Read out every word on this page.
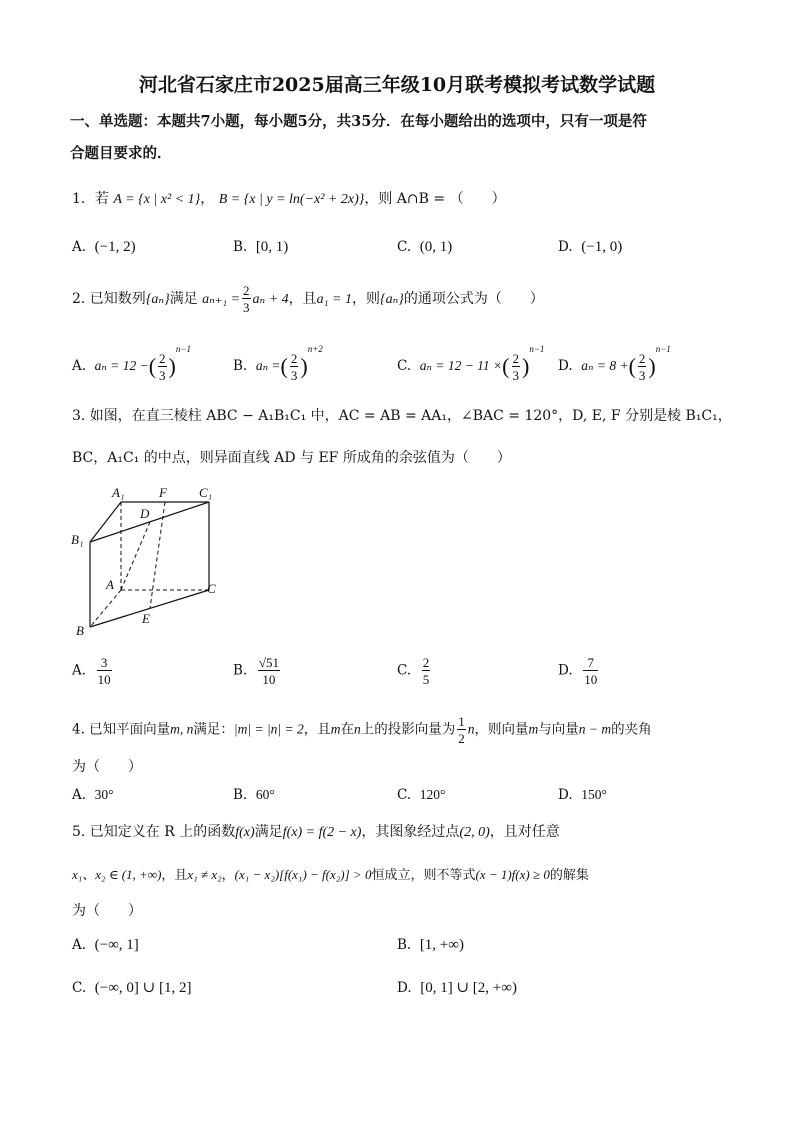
河北省石家庄市2025届高三年级10月联考模拟考试数学试题
一、单选题：本题共7小题，每小题5分，共35分．在每小题给出的选项中，只有一项是符
合题目要求的．
1．若 A = {x | x² < 1}， B = {x | y = ln(−x² + 2x)}，则 A∩B = （　　）
A. (−1, 2)	B. [0, 1)	C. (0, 1)	D. (−1, 0)
2. 已知数列{aₙ}满足 $a_{n+1} = \frac{2}{3}$ aₙ + 4，且a₁ = 1，则{aₙ}的通项公式为（　　）
A. aₙ = 12 −( $\frac{2}{3} )^{n-1}$
B. aₙ =( $\frac{2}{3} )^{n+2}$
C. aₙ = 12 − 11 ×( $\frac{2}{3} )^{n-1}$
D. aₙ = 8 +( $\frac{2}{3} )^{n-1}$
3. 如图，在直三棱柱 ABC − A₁B₁C₁ 中，AC = AB = AA₁，∠BAC = 120°，D, E, F 分别是棱 B₁C₁，
BC，A₁C₁ 的中点，则异面直线 AD 与 EF 所成角的余弦值为（　　）
A₁	F C₁
D
B₁
A	C
E
B
A. $\frac{3}{10}$	B. $\frac{√51}{10}$	C. $\frac{2}{5}$	D. $\frac{7}{10}$
4. 已知平面向量m, n满足：|m| = |n| = 2，且m在n上的投影向量为 $\frac{1}{2}$ n，则向量m与向量n − m的夹角
为（　　）
A. 30°	B. 60°	C. 120°	D. 150°
5. 已知定义在 R 上的函数f(x)满足f(x) = f(2 − x)，其图象经过点(2, 0)，且对任意
x₁、x₂ ∈ (1, +∞)，且x₁ ≠ x₂，(x₁ − x₂)[f(x₁) − f(x₂)] > 0恒成立，则不等式(x − 1)f(x) ≥ 0的解集
为（　　）
A. (−∞, 1]	B. [1, +∞)
C. (−∞, 0] ∪ [1, 2]	D. [0, 1] ∪ [2, +∞)
